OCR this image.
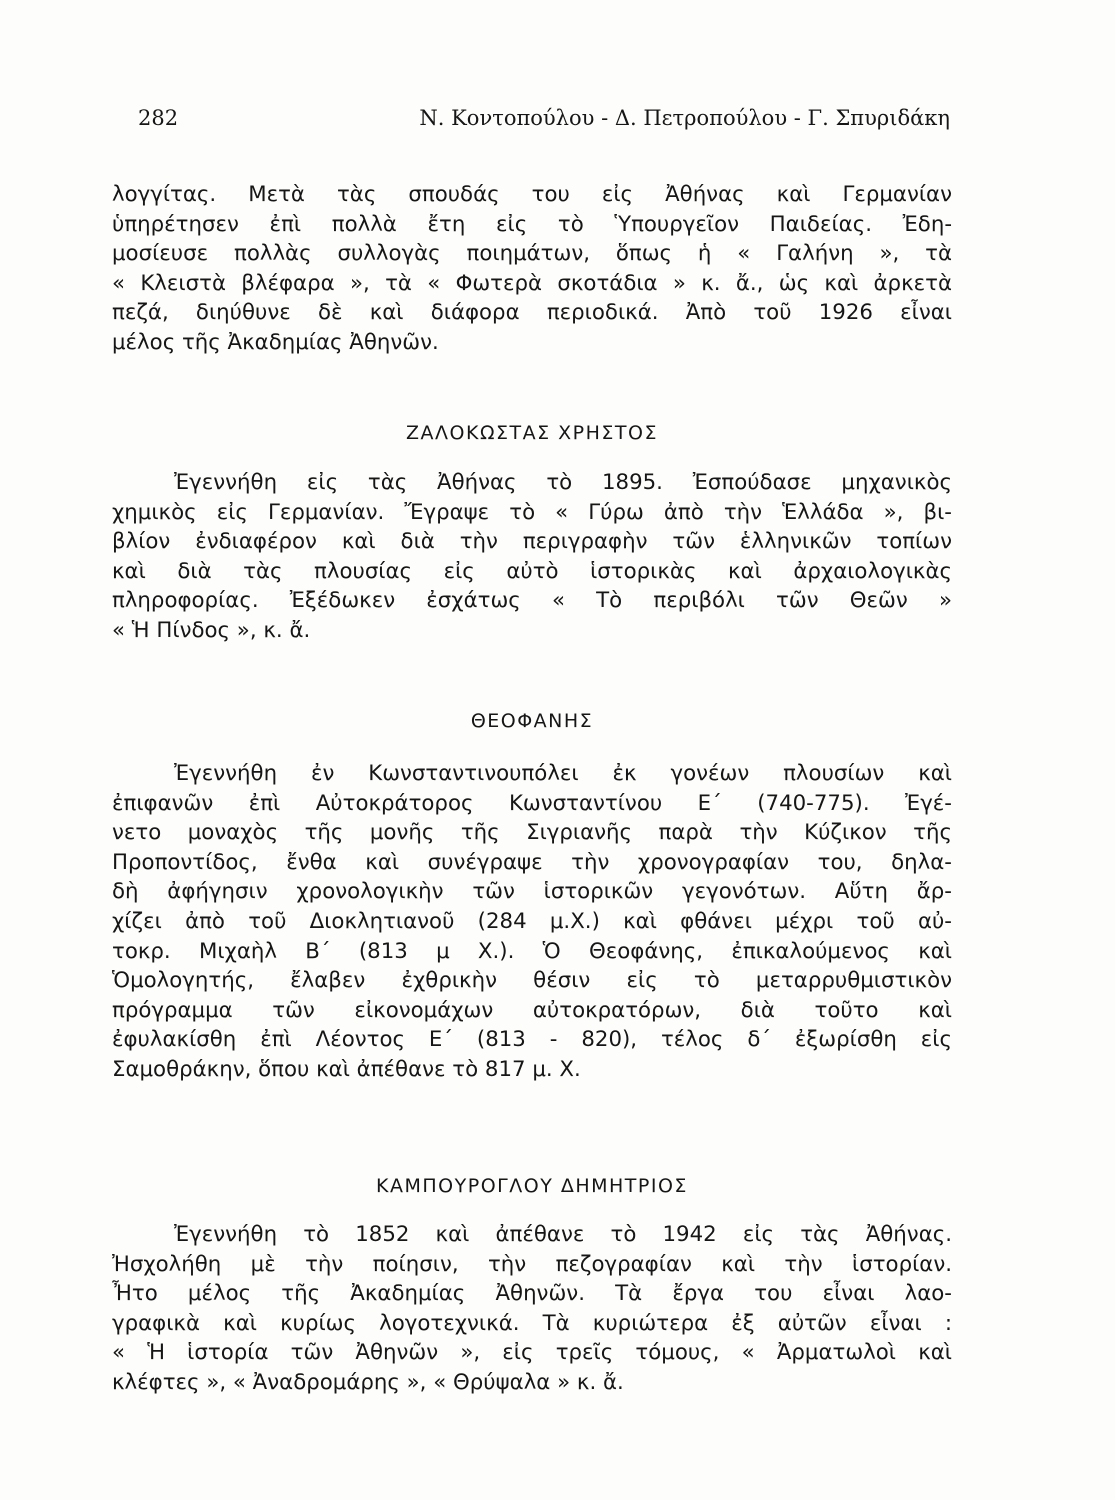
282	Ν. Κοντοπούλου - Δ. Πετροπούλου - Γ. Σπυριδάκη
λογγίτας. Μετὰ τὰς σπουδάς του εἰς Ἀθήνας καὶ Γερμανίαν
ὑπηρέτησεν ἐπὶ πολλὰ ἔτη εἰς τὸ Ὑπουργεῖον Παιδείας. Ἐδη-
μοσίευσε πολλὰς συλλογὰς ποιημάτων, ὅπως ἡ « Γαλήνη », τὰ
« Κλειστὰ βλέφαρα », τὰ « Φωτερὰ σκοτάδια » κ. ἄ., ὡς καὶ ἀρκετὰ
πεζά, διηύθυνε δὲ καὶ διάφορα περιοδικά. Ἀπὸ τοῦ 1926 εἶναι
μέλος τῆς Ἀκαδημίας Ἀθηνῶν.
ΖΑΛΟΚΩΣΤΑΣ ΧΡΗΣΤΟΣ
Ἐγεννήθη εἰς τὰς Ἀθήνας τὸ 1895. Ἐσπούδασε μηχανικὸς
χημικὸς εἰς Γερμανίαν. Ἔγραψε τὸ « Γύρω ἀπὸ τὴν Ἑλλάδα », βι-
βλίον ἐνδιαφέρον καὶ διὰ τὴν περιγραφὴν τῶν ἑλληνικῶν τοπίων
καὶ διὰ τὰς πλουσίας εἰς αὐτὸ ἱστορικὰς καὶ ἀρχαιολογικὰς
πληροφορίας. Ἐξέδωκεν ἐσχάτως « Τὸ περιβόλι τῶν Θεῶν »
« Ἡ Πίνδος », κ. ἄ.
ΘΕΟΦΑΝΗΣ
Ἐγεννήθη ἐν Κωνσταντινουπόλει ἐκ γονέων πλουσίων καὶ
ἐπιφανῶν ἐπὶ Αὐτοκράτορος Κωνσταντίνου Ε΄ (740-775). Ἐγέ-
νετο μοναχὸς τῆς μονῆς τῆς Σιγριανῆς παρὰ τὴν Κύζικον τῆς
Προποντίδος, ἔνθα καὶ συνέγραψε τὴν χρονογραφίαν του, δηλα-
δὴ ἀφήγησιν χρονολογικὴν τῶν ἱστορικῶν γεγονότων. Αὕτη ἄρ-
χίζει ἀπὸ τοῦ Διοκλητιανοῦ (284 μ.Χ.) καὶ φθάνει μέχρι τοῦ αὐ-
τοκρ. Μιχαὴλ Β΄ (813 μ Χ.). Ὁ Θεοφάνης, ἐπικαλούμενος καὶ
Ὁμολογητής, ἔλαβεν ἐχθρικὴν θέσιν εἰς τὸ μεταρρυθμιστικὸν
πρόγραμμα τῶν εἰκονομάχων αὐτοκρατόρων, διὰ τοῦτο καὶ
ἐφυλακίσθη ἐπὶ Λέοντος Ε΄ (813 - 820), τέλος δ΄ ἐξωρίσθη εἰς
Σαμοθράκην, ὅπου καὶ ἀπέθανε τὸ 817 μ. Χ.
ΚΑΜΠΟΥΡΟΓΛΟΥ ΔΗΜΗΤΡΙΟΣ
Ἐγεννήθη τὸ 1852 καὶ ἀπέθανε τὸ 1942 εἰς τὰς Ἀθήνας.
Ἠσχολήθη μὲ τὴν ποίησιν, τὴν πεζογραφίαν καὶ τὴν ἱστορίαν.
Ἦτο μέλος τῆς Ἀκαδημίας Ἀθηνῶν. Τὰ ἔργα του εἶναι λαο-
γραφικὰ καὶ κυρίως λογοτεχνικά. Τὰ κυριώτερα ἐξ αὐτῶν εἶναι :
« Ἡ ἱστορία τῶν Ἀθηνῶν », εἰς τρεῖς τόμους, « Ἀρματωλοὶ καὶ
κλέφτες », « Ἀναδρομάρης », « Θρύψαλα » κ. ἄ.
